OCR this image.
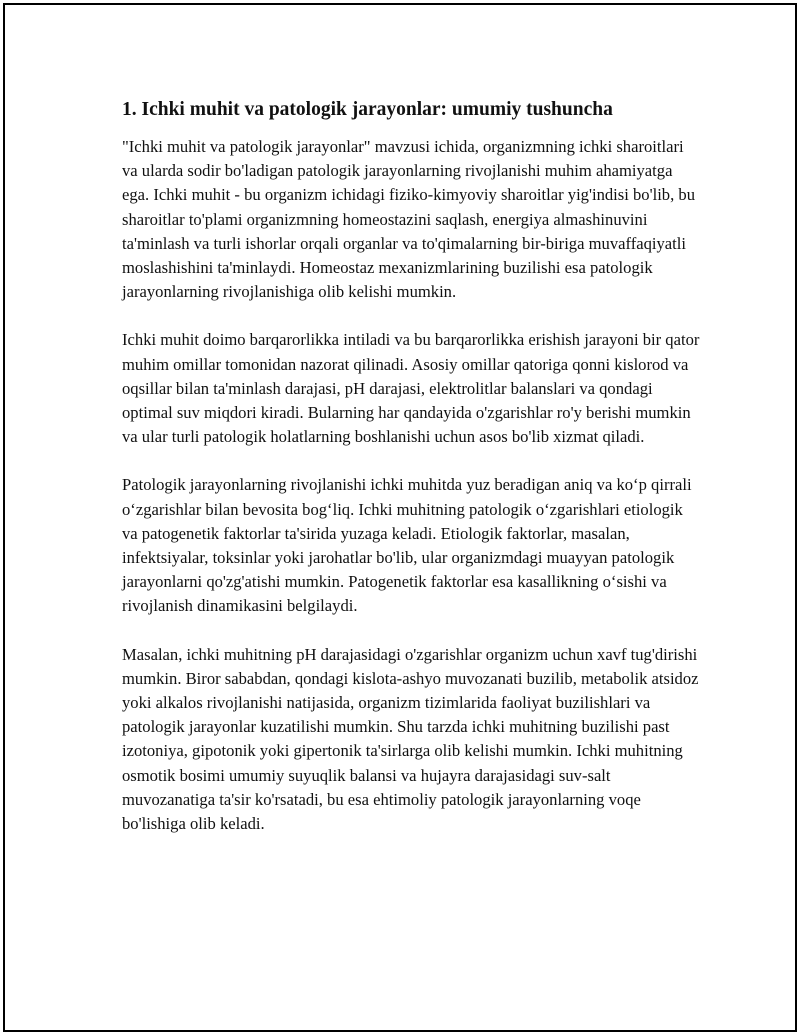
1. Ichki muhit va patologik jarayonlar: umumiy tushuncha

"Ichki muhit va patologik jarayonlar" mavzusi ichida, organizmning ichki sharoitlari va ularda sodir bo'ladigan patologik jarayonlarning rivojlanishi muhim ahamiyatga ega. Ichki muhit - bu organizm ichidagi fiziko-kimyoviy sharoitlar yig'indisi bo'lib, bu sharoitlar to'plami organizmning homeostazini saqlash, energiya almashinuvini ta'minlash va turli ishorlar orqali organlar va to'qimalarning bir-biriga muvaffaqiyatli moslashishini ta'minlaydi. Homeostaz mexanizmlarining buzilishi esa patologik jarayonlarning rivojlanishiga olib kelishi mumkin.

Ichki muhit doimo barqarorlikka intiladi va bu barqarorlikka erishish jarayoni bir qator muhim omillar tomonidan nazorat qilinadi. Asosiy omillar qatoriga qonni kislorod va oqsillar bilan ta'minlash darajasi, pH darajasi, elektrolitlar balanslari va qondagi optimal suv miqdori kiradi. Bularning har qandayida o'zgarishlar ro'y berishi mumkin va ular turli patologik holatlarning boshlanishi uchun asos bo'lib xizmat qiladi.

Patologik jarayonlarning rivojlanishi ichki muhitda yuz beradigan aniq va ko‘p qirrali o‘zgarishlar bilan bevosita bog‘liq. Ichki muhitning patologik o‘zgarishlari etiologik va patogenetik faktorlar ta'sirida yuzaga keladi. Etiologik faktorlar, masalan, infektsiyalar, toksinlar yoki jarohatlar bo'lib, ular organizmdagi muayyan patologik jarayonlarni qo'zg'atishi mumkin. Patogenetik faktorlar esa kasallikning o‘sishi va rivojlanish dinamikasini belgilaydi.

Masalan, ichki muhitning pH darajasidagi o'zgarishlar organizm uchun xavf tug'dirishi mumkin. Biror sababdan, qondagi kislota-ashyo muvozanati buzilib, metabolik atsidoz yoki alkalos rivojlanishi natijasida, organizm tizimlarida faoliyat buzilishlari va patologik jarayonlar kuzatilishi mumkin. Shu tarzda ichki muhitning buzilishi past izotoniya, gipotonik yoki gipertonik ta'sirlarga olib kelishi mumkin. Ichki muhitning osmotik bosimi umumiy suyuqlik balansi va hujayra darajasidagi suv-salt muvozanatiga ta'sir ko'rsatadi, bu esa ehtimoliy patologik jarayonlarning voqe bo'lishiga olib keladi.
